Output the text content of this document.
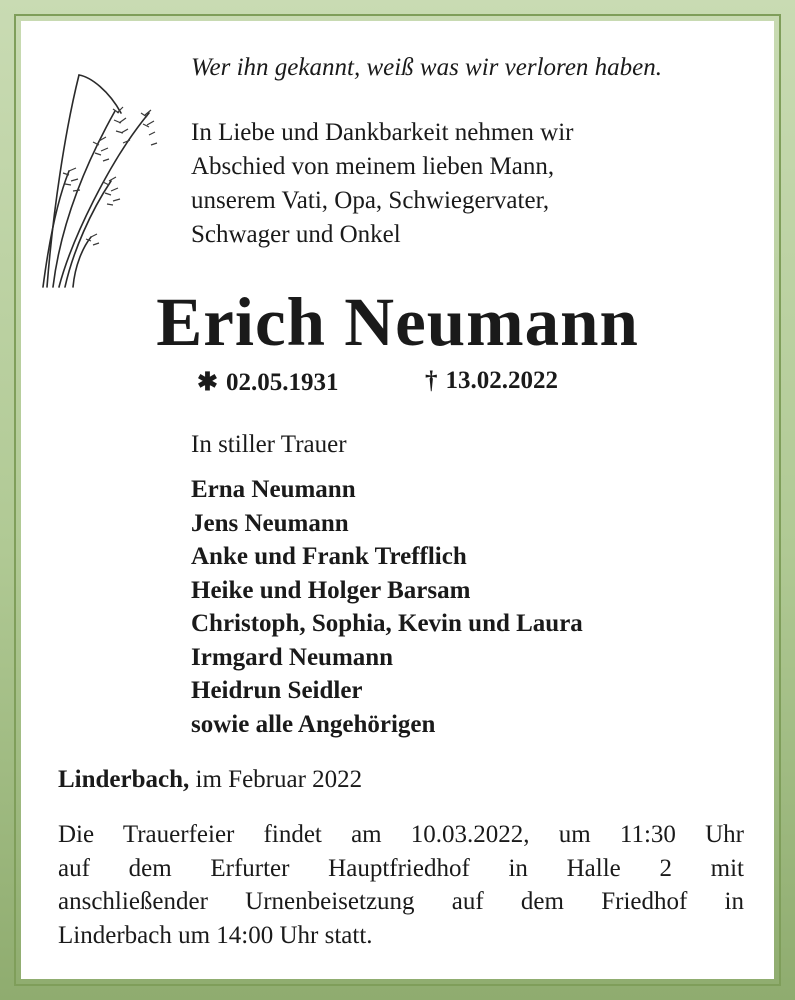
Wer ihn gekannt, weiß was wir verloren haben.
In Liebe und Dankbarkeit nehmen wir
Abschied von meinem lieben Mann,
unserem Vati, Opa, Schwiegervater,
Schwager und Onkel
Erich Neumann
✱ 02.05.1931	† 13.02.2022
In stiller Trauer
Erna Neumann
Jens Neumann
Anke und Frank Trefflich
Heike und Holger Barsam
Christoph, Sophia, Kevin und Laura
Irmgard Neumann
Heidrun Seidler
sowie alle Angehörigen
Linderbach, im Februar 2022
Die Trauerfeier findet am 10.03.2022, um 11:30 Uhr
auf dem Erfurter Hauptfriedhof in Halle 2 mit
anschließender Urnenbeisetzung auf dem Friedhof in
Linderbach um 14:00 Uhr statt.
